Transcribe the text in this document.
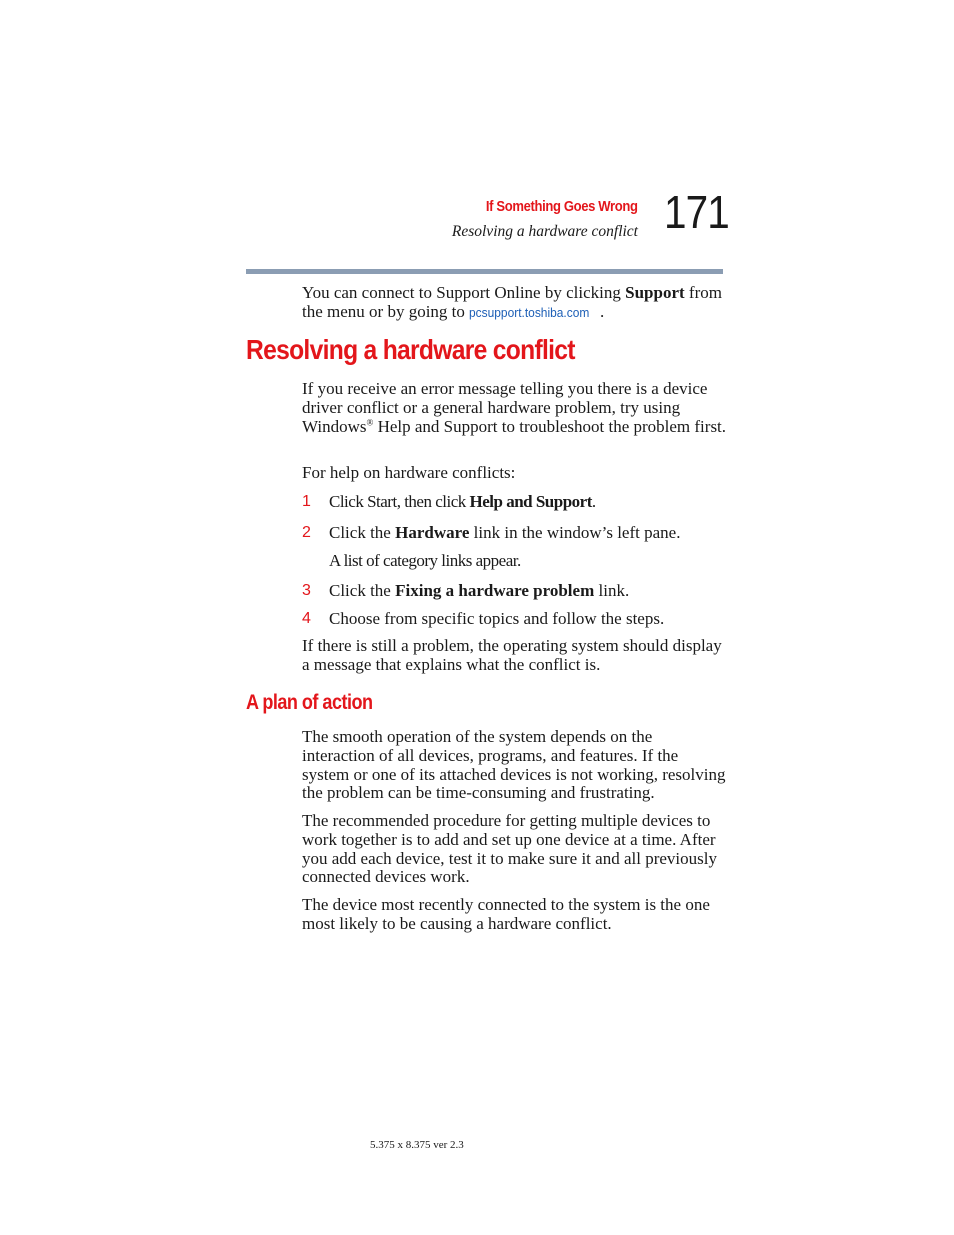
If Something Goes Wrong
Resolving a hardware conflict 171

You can connect to Support Online by clicking Support from the menu or by going to pcsupport.toshiba.com .

Resolving a hardware conflict

If you receive an error message telling you there is a device driver conflict or a general hardware problem, try using Windows® Help and Support to troubleshoot the problem first.

For help on hardware conflicts:

1 Click Start, then click Help and Support.
2 Click the Hardware link in the window’s left pane.
A list of category links appear.
3 Click the Fixing a hardware problem link.
4 Choose from specific topics and follow the steps.

If there is still a problem, the operating system should display a message that explains what the conflict is.

A plan of action

The smooth operation of the system depends on the interaction of all devices, programs, and features. If the system or one of its attached devices is not working, resolving the problem can be time-consuming and frustrating.

The recommended procedure for getting multiple devices to work together is to add and set up one device at a time. After you add each device, test it to make sure it and all previously connected devices work.

The device most recently connected to the system is the one most likely to be causing a hardware conflict.

5.375 x 8.375 ver 2.3
